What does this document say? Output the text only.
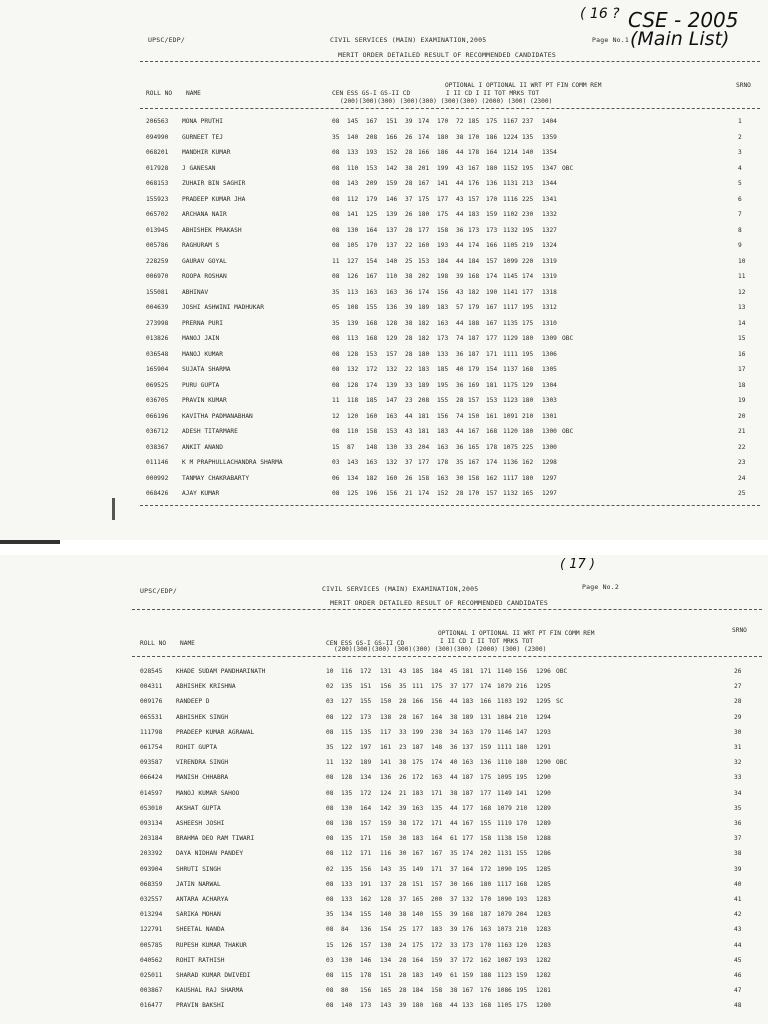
UPSC/EDP/	CIVIL SERVICES (MAIN) EXAMINATION,2005	Page No.1
MERIT ORDER DETAILED RESULT OF RECOMMENDED CANDIDATES
CSE - 2005
(Main List)
( 16 ?
OPTIONAL I OPTIONAL II WRT PT FIN COMM REM
ROLL NO NAME	CEN ESS GS-I GS-II CD	I II CD I II TOT MRKS TOT
SRNO
(200)(300)(300) (300)(300) (300)(300) (2000) (300) (2300)
206563 MONA PRUTHI	08 145 167 151 39 174 170 72 185 175 1167 237 1404	1
094990 GURNEET TEJ	35 140 208 166 26 174 180 38 170 186 1224 135 1359	2
068201 MANDHIR KUMAR	08 133 193 152 28 166 186 44 178 164 1214 140 1354	3
017928 J GANESAN	08 110 153 142 38 201 199 43 167 180 1152 195 1347 OBC	4
068153 ZUHAIR BIN SAGHIR	08 143 209 159 28 167 141 44 176 136 1131 213 1344	5
155923 PRADEEP KUMAR JHA	08 112 179 146 37 175 177 43 157 170 1116 225 1341	6
065702 ARCHANA NAIR	08 141 125 139 26 180 175 44 183 159 1102 230 1332	7
013945 ABHISHEK PRAKASH	08 130 164 137 28 177 158 36 173 173 1132 195 1327	8
005786 RAGHURAM S	08 105 170 137 22 160 193 44 174 166 1105 219 1324	9
228259 GAURAV GOYAL	11 127 154 140 25 153 184 44 184 157 1099 220 1319	10
006970 ROOPA ROSHAN	08 126 167 110 38 202 198 39 168 174 1145 174 1319	11
155081 ABHINAV	35 113 163 163 36 174 156 43 182 190 1141 177 1318	12
004639 JOSHI ASHWINI MADHUKAR	05 108 155 136 39 189 183 57 179 167 1117 195 1312	13
273998 PRERNA PURI	35 139 168 128 38 182 163 44 188 167 1135 175 1310	14
013826 MANOJ JAIN	08 113 168 129 28 182 173 74 187 177 1129 180 1309 OBC	15
036548 MANOJ KUMAR	08 128 153 157 28 180 133 36 187 171 1111 195 1306	16
165904 SUJATA SHARMA	08 132 172 132 22 183 185 40 179 154 1137 168 1305	17
069525 PURU GUPTA	08 128 174 139 33 189 195 36 169 181 1175 129 1304	18
036705 PRAVIN KUMAR	11 118 185 147 23 208 155 28 157 153 1123 180 1303	19
066196 KAVITHA PADMANABHAN	12 120 160 163 44 181 156 74 150 161 1091 210 1301	20
036712 ADESH TITARMARE	08 110 158 153 43 181 183 44 167 168 1120 180 1300 OBC	21
038367 ANKIT ANAND	15 87 148 130 33 204 163 36 165 178 1075 225 1300	22
011146 K M PRAPHULLACHANDRA SHARMA	03 143 163 132 37 177 178 35 167 174 1136 162 1298	23
000992 TANMAY CHAKRABARTY	06 134 182 160 26 158 163 30 158 162 1117 180 1297	24
068426 AJAY KUMAR	08 125 196 156 21 174 152 28 170 157 1132 165 1297	25
UPSC/EDP/	CIVIL SERVICES (MAIN) EXAMINATION,2005	Page No.2
MERIT ORDER DETAILED RESULT OF RECOMMENDED CANDIDATES
( 17 )
OPTIONAL I OPTIONAL II WRT PT FIN COMM REM
ROLL NO NAME	CEN ESS GS-I GS-II CD	I II CD I II TOT MRKS TOT
SRNO
(200)(300)(300) (300)(300) (300)(300) (2000) (300) (2300)
028545 KHADE SUDAM PANDHARINATH	10 116 172 131 43 185 184 45 181 171 1140 156 1296 OBC	26
004311 ABHISHEK KRISHNA	02 135 151 156 35 111 175 37 177 174 1079 216 1295	27
009176 RANDEEP D	03 127 155 150 28 166 156 44 183 166 1103 192 1295 SC	28
065531 ABHISHEK SINGH	08 122 173 138 28 167 164 38 189 131 1084 210 1294	29
111798 PRADEEP KUMAR AGRAWAL	08 115 135 117 33 199 238 34 163 179 1146 147 1293	30
061754 ROHIT GUPTA	35 122 197 161 23 187 148 36 137 159 1111 180 1291	31
093587 VIRENDRA SINGH	11 132 189 141 38 175 174 40 163 136 1110 180 1290 OBC	32
066424 MANISH CHHABRA	08 128 134 136 26 172 163 44 187 175 1095 195 1290	33
014597 MANOJ KUMAR SAHOO	08 135 172 124 21 183 171 38 187 177 1149 141 1290	34
053010 AKSHAT GUPTA	08 130 164 142 39 163 135 44 177 168 1079 210 1289	35
093134 ASHEESH JOSHI	08 138 157 159 38 172 171 44 167 155 1119 170 1289	36
203184 BRAHMA DEO RAM TIWARI	08 135 171 150 30 183 164 61 177 158 1138 150 1288	37
203392 DAYA NIDHAN PANDEY	08 112 171 116 30 167 167 35 174 202 1131 155 1286	38
093904 SHRUTI SINGH	02 135 156 143 35 149 171 37 164 172 1090 195 1285	39
068359 JATIN NARWAL	08 133 191 137 28 151 157 30 166 180 1117 168 1285	40
032557 ANTARA ACHARYA	08 133 162 128 37 165 200 37 132 170 1090 193 1283	41
013294 SARIKA MOHAN	35 134 155 140 38 140 155 39 168 187 1079 204 1283	42
122791 SHEETAL NANDA	08 84 136 154 25 177 183 39 176 163 1073 210 1283	43
005785 RUPESH KUMAR THAKUR	15 126 157 130 24 175 172 33 173 170 1163 120 1283	44
040562 ROHIT RATHISH	03 130 146 134 28 164 159 37 172 162 1087 193 1282	45
025011 SHARAD KUMAR DWIVEDI	08 115 178 151 28 183 149 61 159 188 1123 159 1282	46
003867 KAUSHAL RAJ SHARMA	08 80 156 165 28 184 158 38 167 176 1086 195 1281	47
016477 PRAVIN BAKSHI	08 140 173 143 39 180 168 44 133 168 1105 175 1280	48
